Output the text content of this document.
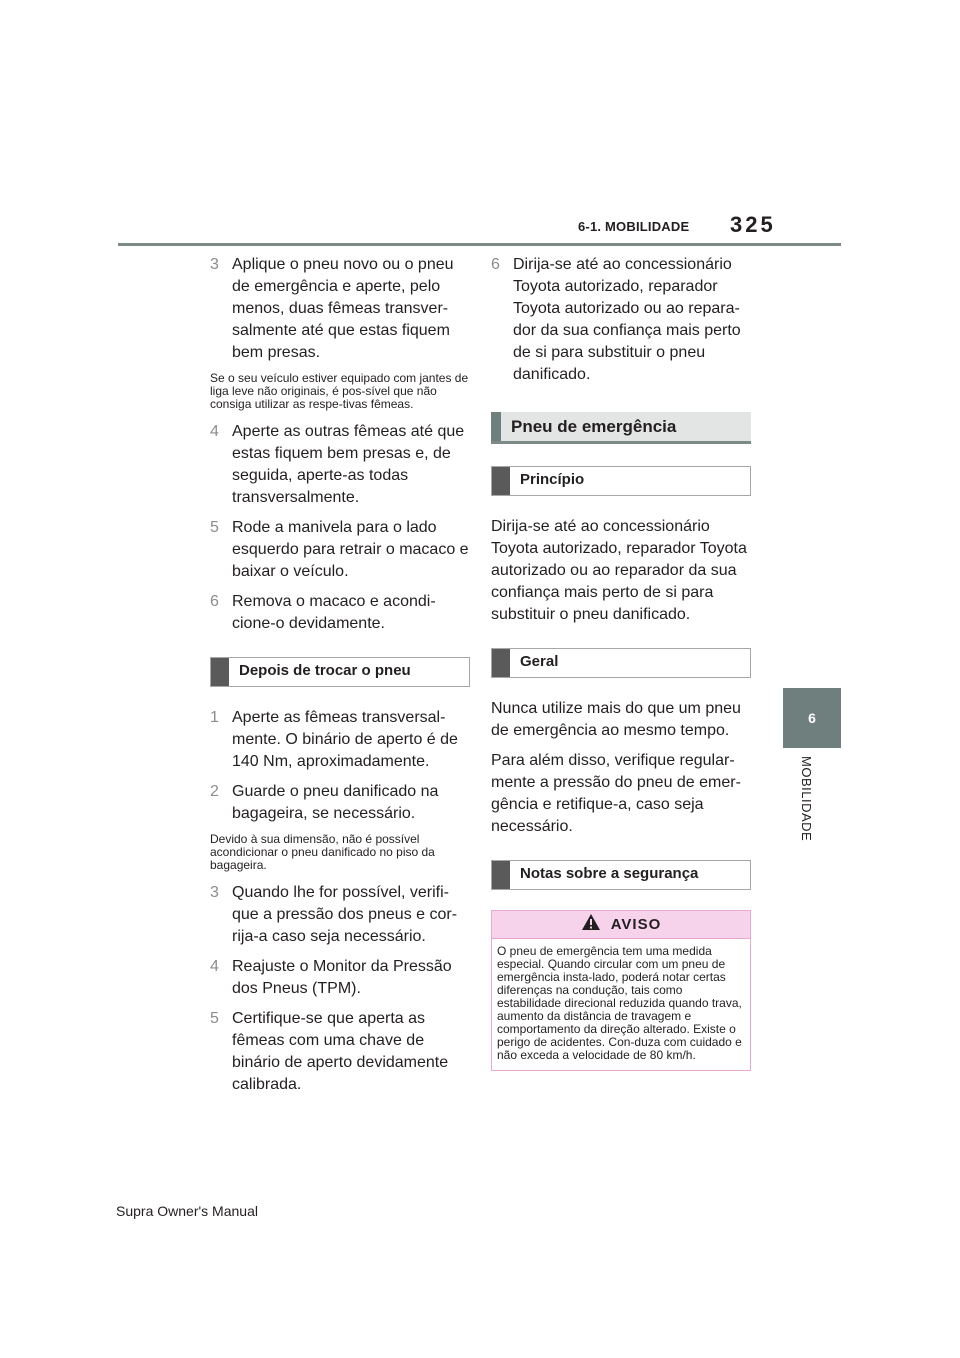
6-1. MOBILIDADE 325
6
MOBILIDADE
3 Aplique o pneu novo ou o pneu de emergência e aperte, pelo menos, duas fêmeas transver-salmente até que estas fiquem bem presas.
Se o seu veículo estiver equipado com jantes de liga leve não originais, é pos-sível que não consiga utilizar as respe-tivas fêmeas.
4 Aperte as outras fêmeas até que estas fiquem bem presas e, de seguida, aperte-as todas transversalmente.
5 Rode a manivela para o lado esquerdo para retrair o macaco e baixar o veículo.
6 Remova o macaco e acondi-cione-o devidamente.
Depois de trocar o pneu
1 Aperte as fêmeas transversal-mente. O binário de aperto é de 140 Nm, aproximadamente.
2 Guarde o pneu danificado na bagageira, se necessário.
Devido à sua dimensão, não é possível acondicionar o pneu danificado no piso da bagageira.
3 Quando lhe for possível, verifi-que a pressão dos pneus e cor-rija-a caso seja necessário.
4 Reajuste o Monitor da Pressão dos Pneus (TPM).
5 Certifique-se que aperta as fêmeas com uma chave de binário de aperto devidamente calibrada.
6 Dirija-se até ao concessionário Toyota autorizado, reparador Toyota autorizado ou ao repara-dor da sua confiança mais perto de si para substituir o pneu danificado.
Pneu de emergência
Princípio
Dirija-se até ao concessionário Toyota autorizado, reparador Toyota autorizado ou ao reparador da sua confiança mais perto de si para substituir o pneu danificado.
Geral
Nunca utilize mais do que um pneu de emergência ao mesmo tempo.
Para além disso, verifique regular-mente a pressão do pneu de emer-gência e retifique-a, caso seja necessário.
Notas sobre a segurança
AVISO
O pneu de emergência tem uma medida especial. Quando circular com um pneu de emergência insta-lado, poderá notar certas diferenças na condução, tais como estabilidade direcional reduzida quando trava, aumento da distância de travagem e comportamento da direção alterado. Existe o perigo de acidentes. Con-duza com cuidado e não exceda a velocidade de 80 km/h.
Supra Owner's Manual
